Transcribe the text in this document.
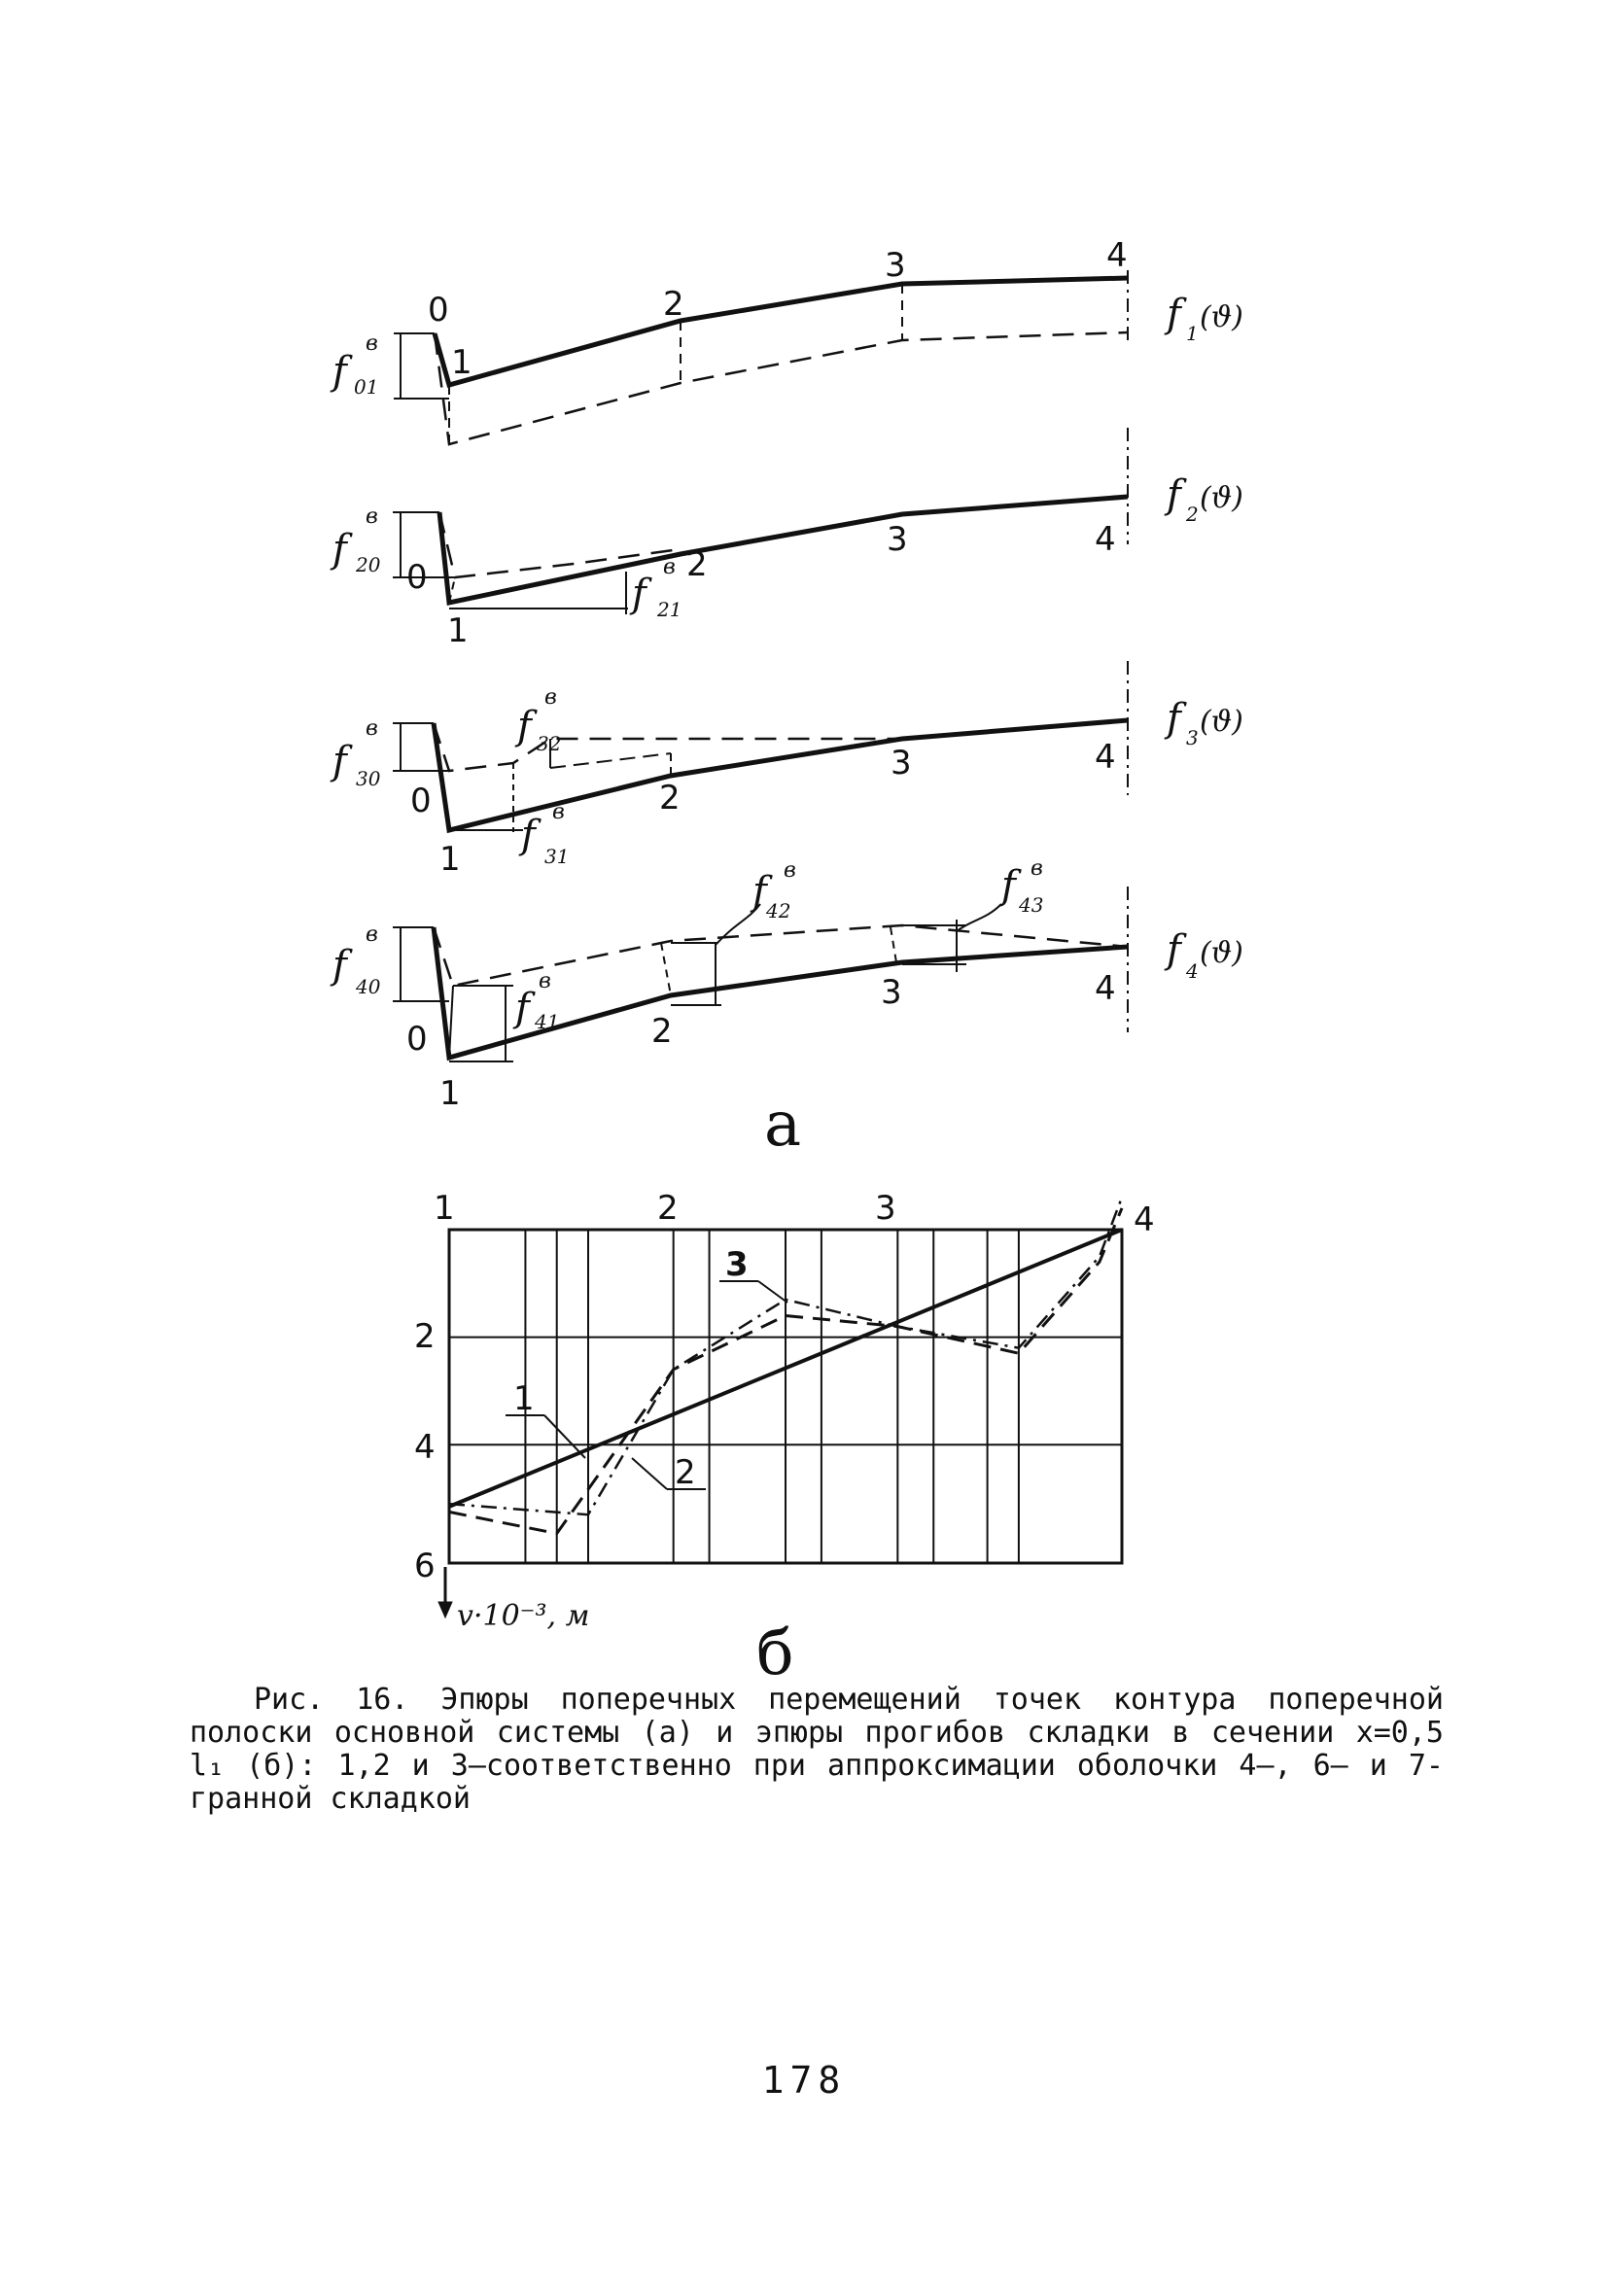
0
1
2
3	4
f 1 (ϑ)
f
в
01
0
1
2
3	4
f 2 (ϑ)
f
в
20
f
в
21
0
1
2
3	4
f 3 (ϑ)
f
в
30
f
в
32
f
в
31
0
1
2
3	4
f 4
(ϑ)
f
в
40	f
в
41
f в
42
f в
43
а
1	2	3	4
2
4
6
v·10⁻³, м
1
2
3
б

Рис. 16. Эпюры поперечных перемещений точек контура поперечной полоски основной системы (а) и эпюры прогибов складки в сечении x=0,5 l₁ (б): 1,2 и 3–соответственно при аппроксимации оболочки 4–, 6– и 7-гранной складкой

178
